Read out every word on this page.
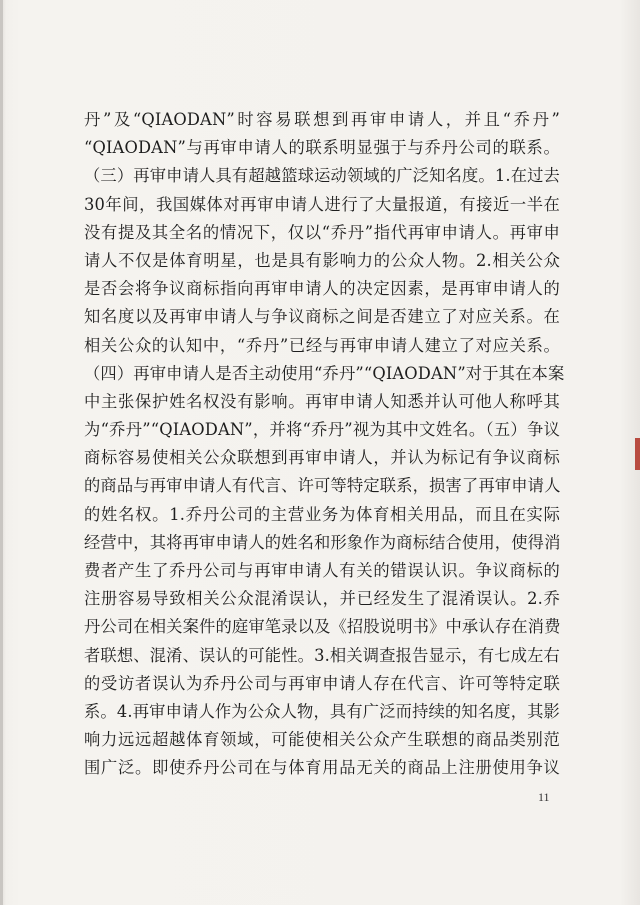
丹”及“QIAODAN”时容易联想到再审申请人，并且“乔丹”
“QIAODAN”与再审申请人的联系明显强于与乔丹公司的联系。
（三）再审申请人具有超越篮球运动领域的广泛知名度。1.在过去
30年间，我国媒体对再审申请人进行了大量报道，有接近一半在
没有提及其全名的情况下，仅以“乔丹”指代再审申请人。再审申
请人不仅是体育明星，也是具有影响力的公众人物。2.相关公众
是否会将争议商标指向再审申请人的决定因素，是再审申请人的
知名度以及再审申请人与争议商标之间是否建立了对应关系。在
相关公众的认知中，“乔丹”已经与再审申请人建立了对应关系。
（四）再审申请人是否主动使用“乔丹”“QIAODAN”对于其在本案
中主张保护姓名权没有影响。再审申请人知悉并认可他人称呼其
为“乔丹”“QIAODAN”，并将“乔丹”视为其中文姓名。（五）争议
商标容易使相关公众联想到再审申请人，并认为标记有争议商标
的商品与再审申请人有代言、许可等特定联系，损害了再审申请人
的姓名权。1.乔丹公司的主营业务为体育相关用品，而且在实际
经营中，其将再审申请人的姓名和形象作为商标结合使用，使得消
费者产生了乔丹公司与再审申请人有关的错误认识。争议商标的
注册容易导致相关公众混淆误认，并已经发生了混淆误认。2.乔
丹公司在相关案件的庭审笔录以及《招股说明书》中承认存在消费
者联想、混淆、误认的可能性。3.相关调查报告显示，有七成左右
的受访者误认为乔丹公司与再审申请人存在代言、许可等特定联
系。4.再审申请人作为公众人物，具有广泛而持续的知名度，其影
响力远远超越体育领域，可能使相关公众产生联想的商品类别范
围广泛。即使乔丹公司在与体育用品无关的商品上注册使用争议
11
